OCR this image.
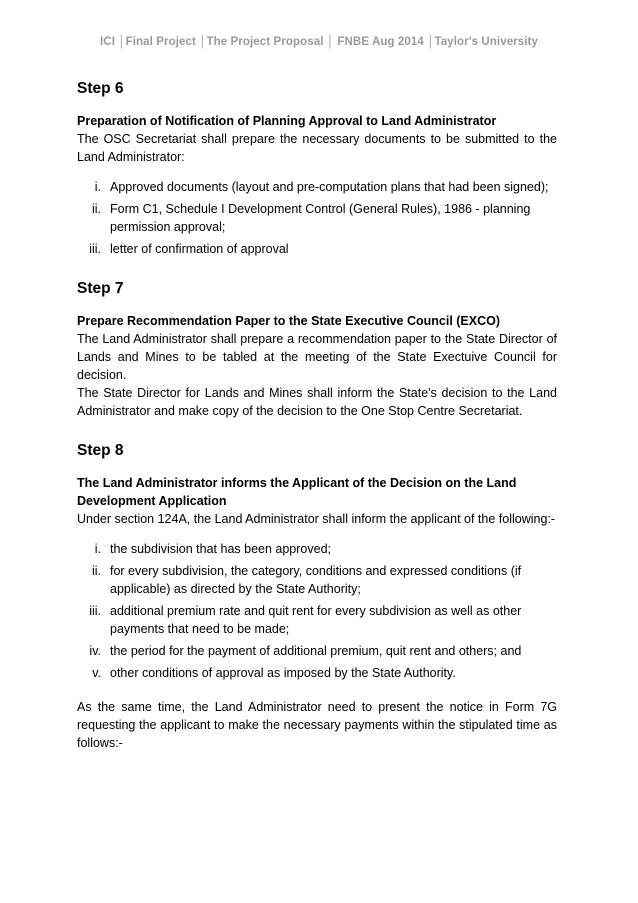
ICI │Final Project │The Project Proposal │ FNBE Aug 2014 │Taylor's University
Step 6

Preparation of Notification of Planning Approval to Land Administrator

The OSC Secretariat shall prepare the necessary documents to be submitted to the Land Administrator:

i. Approved documents (layout and pre-computation plans that had been signed);
ii. Form C1, Schedule I Development Control (General Rules), 1986 - planning permission approval;
iii. letter of confirmation of approval
Step 7

Prepare Recommendation Paper to the State Executive Council (EXCO)

The Land Administrator shall prepare a recommendation paper to the State Director of Lands and Mines to be tabled at the meeting of the State Exectuive Council for decision.

The State Director for Lands and Mines shall inform the State's decision to the Land Administrator and make copy of the decision to the One Stop Centre Secretariat.

Step 8

The Land Administrator informs the Applicant of the Decision on the Land Development Application

Under section 124A, the Land Administrator shall inform the applicant of the following:-

i. the subdivision that has been approved;
ii. for every subdivision, the category, conditions and expressed conditions (if applicable) as directed by the State Authority;
iii. additional premium rate and quit rent for every subdivision as well as other payments that need to be made;
iv. the period for the payment of additional premium, quit rent and others; and
v. other conditions of approval as imposed by the State Authority.

As the same time, the Land Administrator need to present the notice in Form 7G requesting the applicant to make the necessary payments within the stipulated time as follows:-
